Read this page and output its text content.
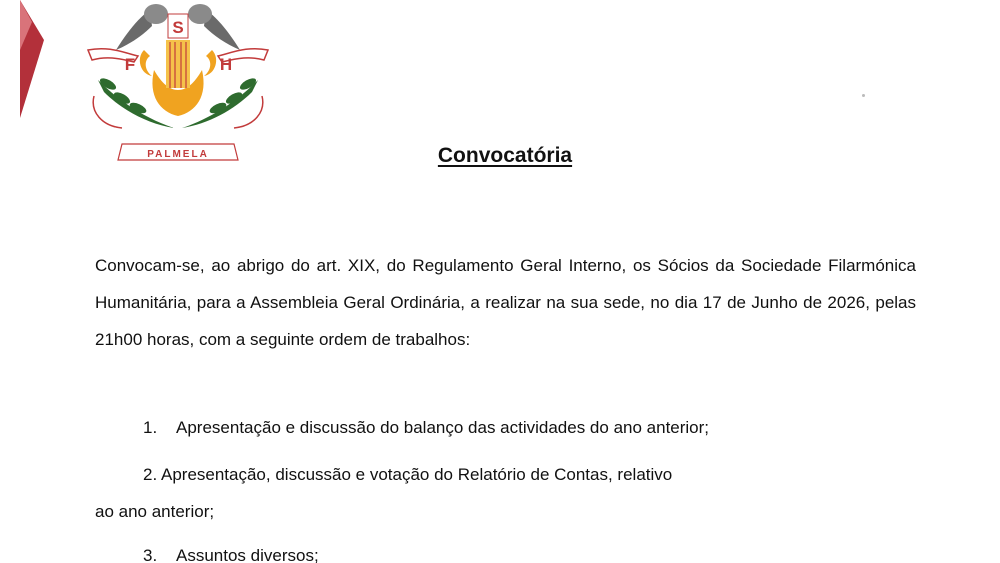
S
F	H
PALMELA	Convocatória
Convocam-se, ao abrigo do art. XIX, do Regulamento Geral Interno, os Sócios da Sociedade Filarmónica Humanitária, para a Assembleia Geral Ordinária, a realizar na sua sede, no dia 17 de Junho de 2026, pelas 21h00 horas, com a seguinte ordem de trabalhos:
1. Apresentação e discussão do balanço das actividades do ano anterior;
2. Apresentação, discussão e votação do Relatório de Contas, relativo
ao ano anterior;
3. Assuntos diversos;
